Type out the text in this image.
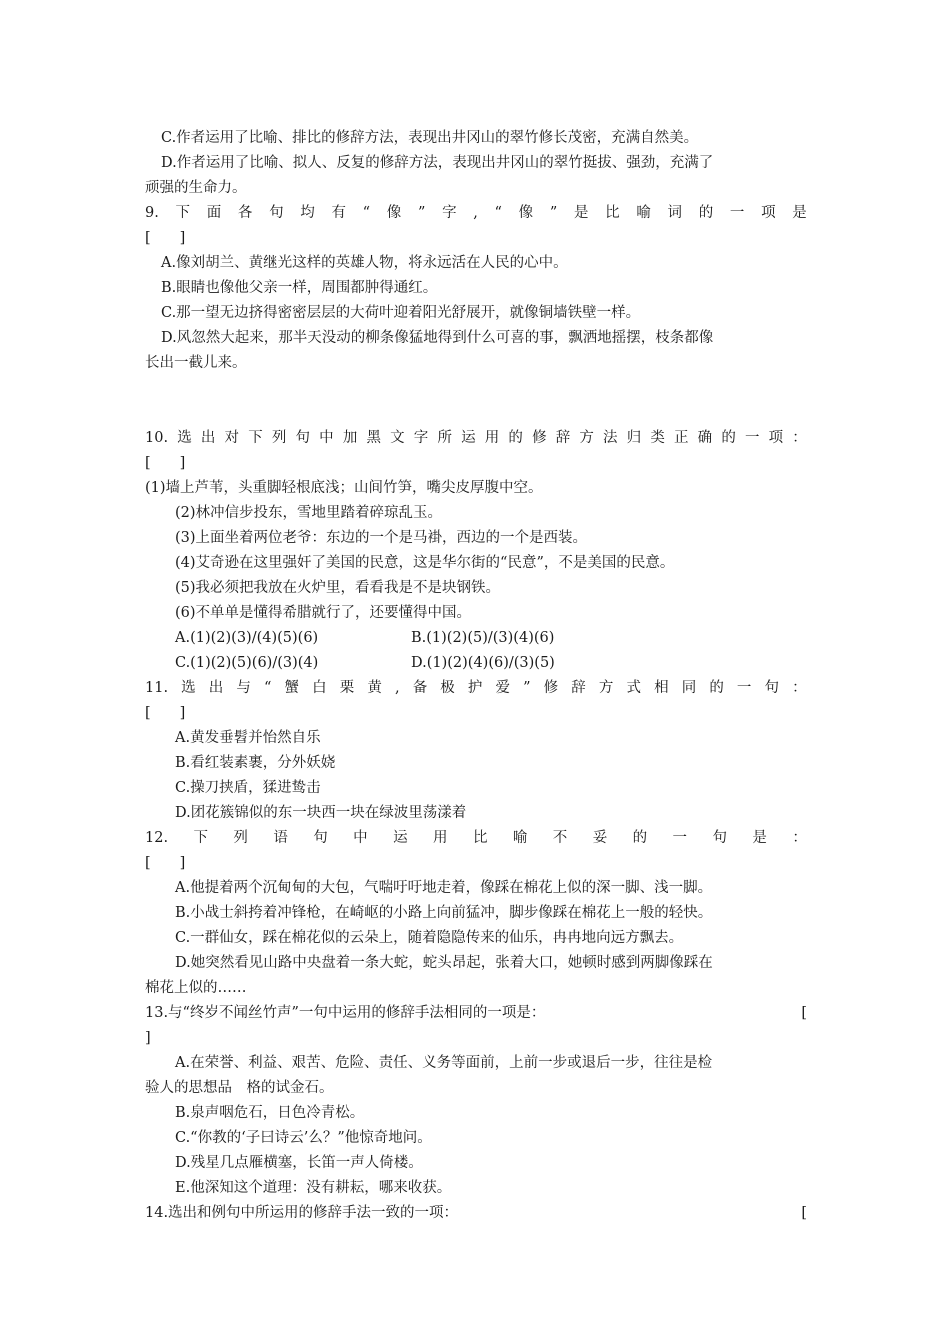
C.作者运用了比喻、排比的修辞方法，表现出井冈山的翠竹修长茂密，充满自然美。
D.作者运用了比喻、拟人、反复的修辞方法，表现出井冈山的翠竹挺拔、强劲，充满了
顽强的生命力。
9. 下 面 各 句 均 有 “ 像 ” 字 , “ 像 ” 是 比 喻 词 的 一 项 是
[　　]
A.像刘胡兰、黄继光这样的英雄人物，将永远活在人民的心中。
B.眼睛也像他父亲一样，周围都肿得通红。
C.那一望无边挤得密密层层的大荷叶迎着阳光舒展开，就像铜墙铁壁一样。
D.风忽然大起来，那半天没动的柳条像猛地得到什么可喜的事，飘洒地摇摆，枝条都像
长出一截儿来。
10. 选 出 对 下 列 句 中 加 黑 文 字 所 运 用 的 修 辞 方 法 归 类 正 确 的 一 项 ：
[　　]
(1)墙上芦苇，头重脚轻根底浅；山间竹笋，嘴尖皮厚腹中空。
(2)林冲信步投东，雪地里踏着碎琼乱玉。
(3)上面坐着两位老爷：东边的一个是马褂，西边的一个是西装。
(4)艾奇逊在这里强奸了美国的民意，这是华尔街的“民意”，不是美国的民意。
(5)我必须把我放在火炉里，看看我是不是块钢铁。
(6)不单单是懂得希腊就行了，还要懂得中国。
A.(1)(2)(3)/(4)(5)(6)	B.(1)(2)(5)/(3)(4)(6)
C.(1)(2)(5)(6)/(3)(4)	D.(1)(2)(4)(6)/(3)(5)
11. 选 出 与 “ 蟹 白 栗 黄 , 备 极 护 爱 ” 修 辞 方 式 相 同 的 一 句 ：
[　　]
A.黄发垂髫并怡然自乐
B.看红装素裹，分外妖娆
C.操刀挟盾，猱进鸷击
D.团花簇锦似的东一块西一块在绿波里荡漾着
12. 下 列 语 句 中 运 用 比 喻 不 妥 的 一 句 是 ：
[　　]
A.他提着两个沉甸甸的大包，气喘吁吁地走着，像踩在棉花上似的深一脚、浅一脚。
B.小战士斜挎着冲锋枪，在崎岖的小路上向前猛冲，脚步像踩在棉花上一般的轻快。
C.一群仙女，踩在棉花似的云朵上，随着隐隐传来的仙乐，冉冉地向远方飘去。
D.她突然看见山路中央盘着一条大蛇，蛇头昂起，张着大口，她顿时感到两脚像踩在
棉花上似的……
13.与“终岁不闻丝竹声”一句中运用的修辞手法相同的一项是：	[
]
A.在荣誉、利益、艰苦、危险、责任、义务等面前，上前一步或退后一步，往往是检
验人的思想品　格的试金石。
B.泉声咽危石，日色冷青松。
C.“你教的‘子曰诗云’么？”他惊奇地问。
D.残星几点雁横塞，长笛一声人倚楼。
E.他深知这个道理：没有耕耘，哪来收获。
14.选出和例句中所运用的修辞手法一致的一项：	[
